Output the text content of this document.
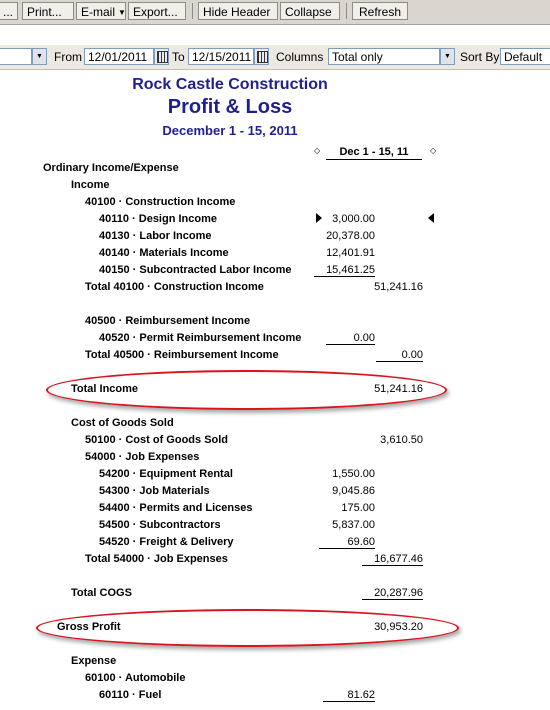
...	Print...	E-mail ▼ Export...	Hide Header	Collapse	Refresh
▼ From 12/01/2011	To 12/15/2011 Columns Total only	▼ Sort By Default
Rock Castle Construction
Profit & Loss
December 1 - 15, 2011
◇	Dec 1 - 15, 11	◇
Ordinary Income/Expense
Income
40100 · Construction Income
40110 · Design Income	3,000.00
40130 · Labor Income	20,378.00
40140 · Materials Income	12,401.91
40150 · Subcontracted Labor Income	15,461.25
Total 40100 · Construction Income	51,241.16
40500 · Reimbursement Income
40520 · Permit Reimbursement Income	0.00
Total 40500 · Reimbursement Income	0.00
Total Income	51,241.16
Cost of Goods Sold
50100 · Cost of Goods Sold	3,610.50
54000 · Job Expenses
54200 · Equipment Rental	1,550.00
54300 · Job Materials	9,045.86
54400 · Permits and Licenses	175.00
54500 · Subcontractors	5,837.00
54520 · Freight & Delivery	69.60
Total 54000 · Job Expenses	16,677.46
Total COGS	20,287.96
Gross Profit	30,953.20
Expense
60100 · Automobile
60110 · Fuel	81.62
